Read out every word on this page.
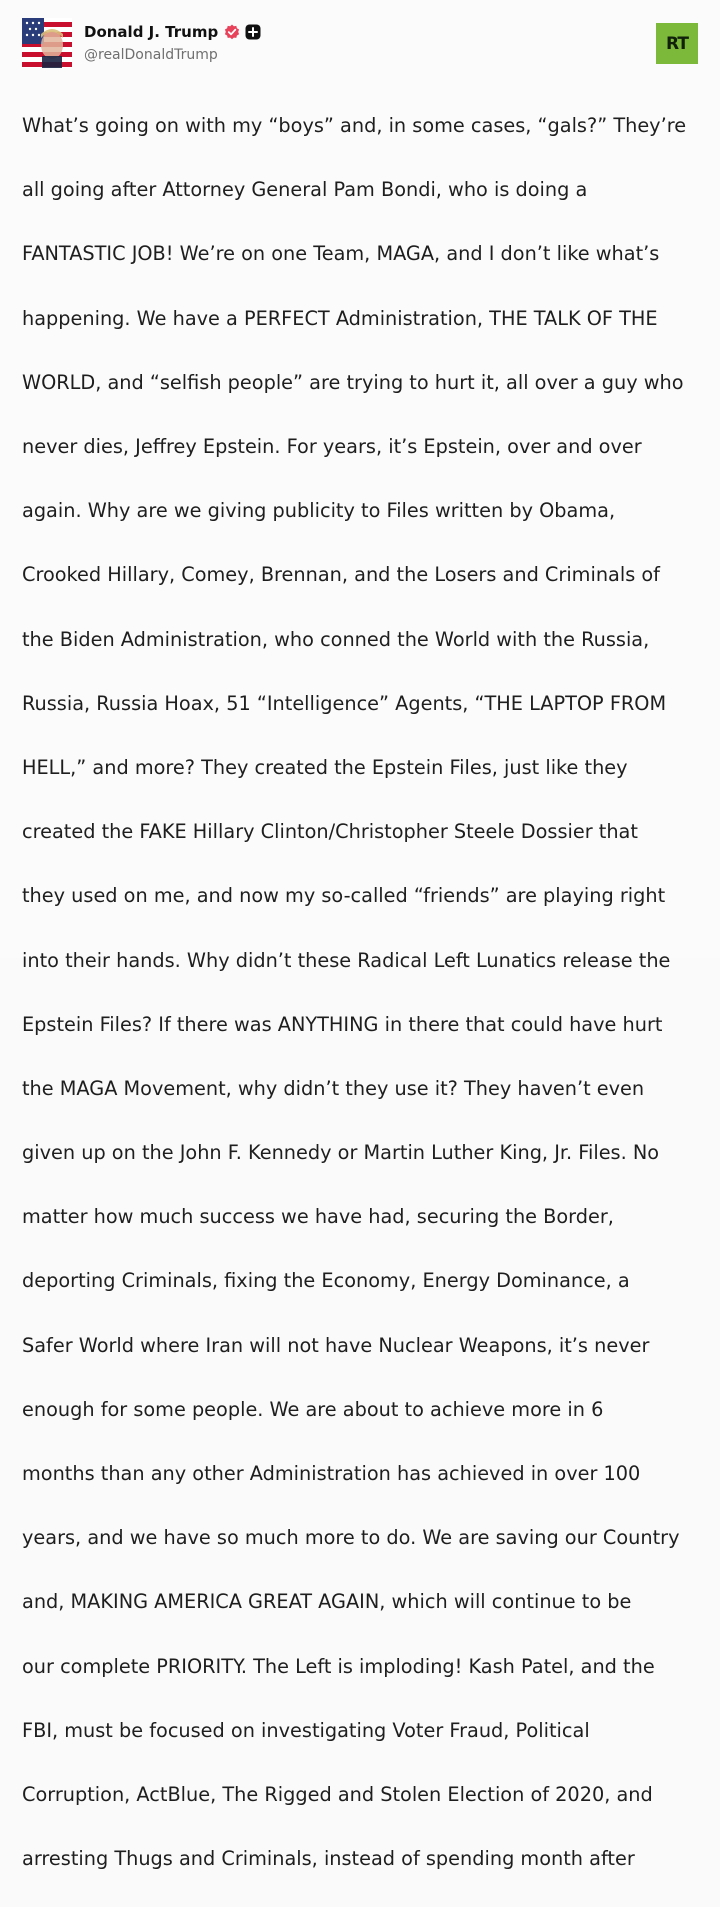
Donald J. Trump
@realDonaldTrump
RT

What’s going on with my “boys” and, in some cases, “gals?” They’re

all going after Attorney General Pam Bondi, who is doing a

FANTASTIC JOB! We’re on one Team, MAGA, and I don’t like what’s

happening. We have a PERFECT Administration, THE TALK OF THE

WORLD, and “selfish people” are trying to hurt it, all over a guy who

never dies, Jeffrey Epstein. For years, it’s Epstein, over and over

again. Why are we giving publicity to Files written by Obama,

Crooked Hillary, Comey, Brennan, and the Losers and Criminals of

the Biden Administration, who conned the World with the Russia,

Russia, Russia Hoax, 51 “Intelligence” Agents, “THE LAPTOP FROM

HELL,” and more? They created the Epstein Files, just like they

created the FAKE Hillary Clinton/Christopher Steele Dossier that

they used on me, and now my so-called “friends” are playing right

into their hands. Why didn’t these Radical Left Lunatics release the

Epstein Files? If there was ANYTHING in there that could have hurt

the MAGA Movement, why didn’t they use it? They haven’t even

given up on the John F. Kennedy or Martin Luther King, Jr. Files. No

matter how much success we have had, securing the Border,

deporting Criminals, fixing the Economy, Energy Dominance, a

Safer World where Iran will not have Nuclear Weapons, it’s never

enough for some people. We are about to achieve more in 6

months than any other Administration has achieved in over 100

years, and we have so much more to do. We are saving our Country

and, MAKING AMERICA GREAT AGAIN, which will continue to be

our complete PRIORITY. The Left is imploding! Kash Patel, and the

FBI, must be focused on investigating Voter Fraud, Political

Corruption, ActBlue, The Rigged and Stolen Election of 2020, and

arresting Thugs and Criminals, instead of spending month after
